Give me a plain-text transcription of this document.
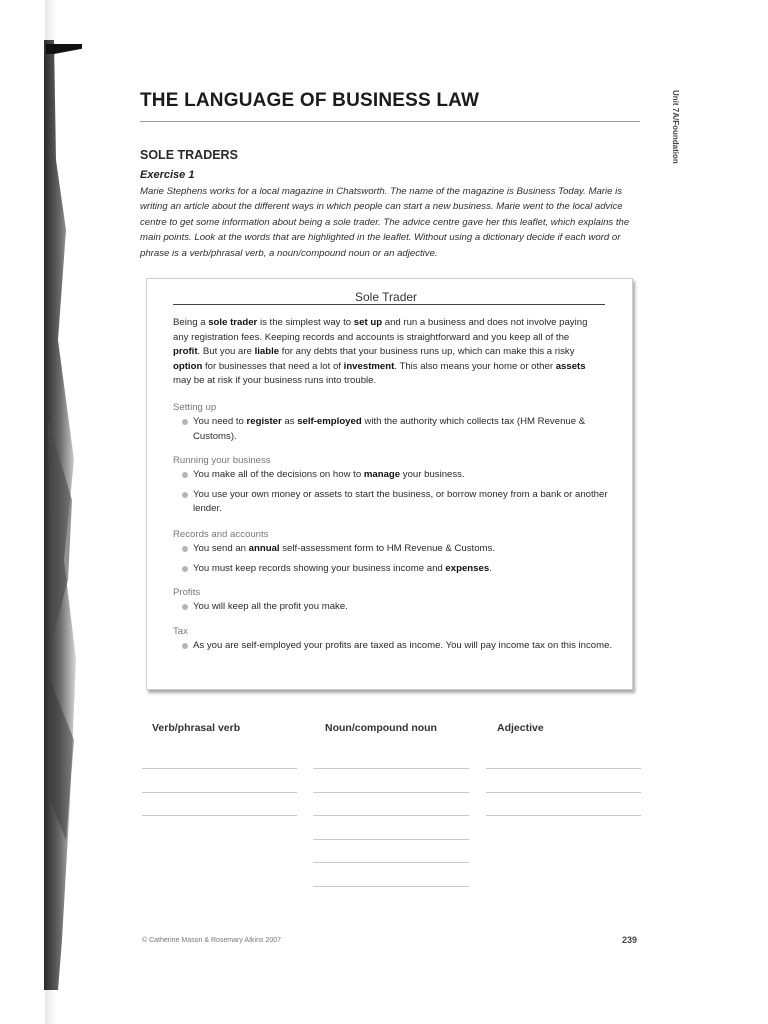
THE LANGUAGE OF BUSINESS LAW	Unit 7A/Foundation
SOLE TRADERS
Exercise 1
Marie Stephens works for a local magazine in Chatsworth. The name of the magazine is Business Today. Marie is writing an article about the different ways in which people can start a new business. Marie went to the local advice centre to get some information about being a sole trader. The advice centre gave her this leaflet, which explains the main points. Look at the words that are highlighted in the leaflet. Without using a dictionary decide if each word or phrase is a verb/phrasal verb, a noun/compound noun or an adjective.
Sole Trader
Being a sole trader is the simplest way to set up and run a business and does not involve paying any registration fees. Keeping records and accounts is straightforward and you keep all of the profit. But you are liable for any debts that your business runs up, which can make this a risky option for businesses that need a lot of investment. This also means your home or other assets may be at risk if your business runs into trouble.
Setting up
You need to register as self-employed with the authority which collects tax (HM Revenue & Customs).
Running your business
You make all of the decisions on how to manage your business.
You use your own money or assets to start the business, or borrow money from a bank or another lender.
Records and accounts
You send an annual self-assessment form to HM Revenue & Customs.
You must keep records showing your business income and expenses.
Profits
You will keep all the profit you make.
Tax
As you are self-employed your profits are taxed as income. You will pay income tax on this income.
Verb/phrasal verb	Noun/compound noun	Adjective
© Catherine Mason & Rosemary Atkins 2007	239
